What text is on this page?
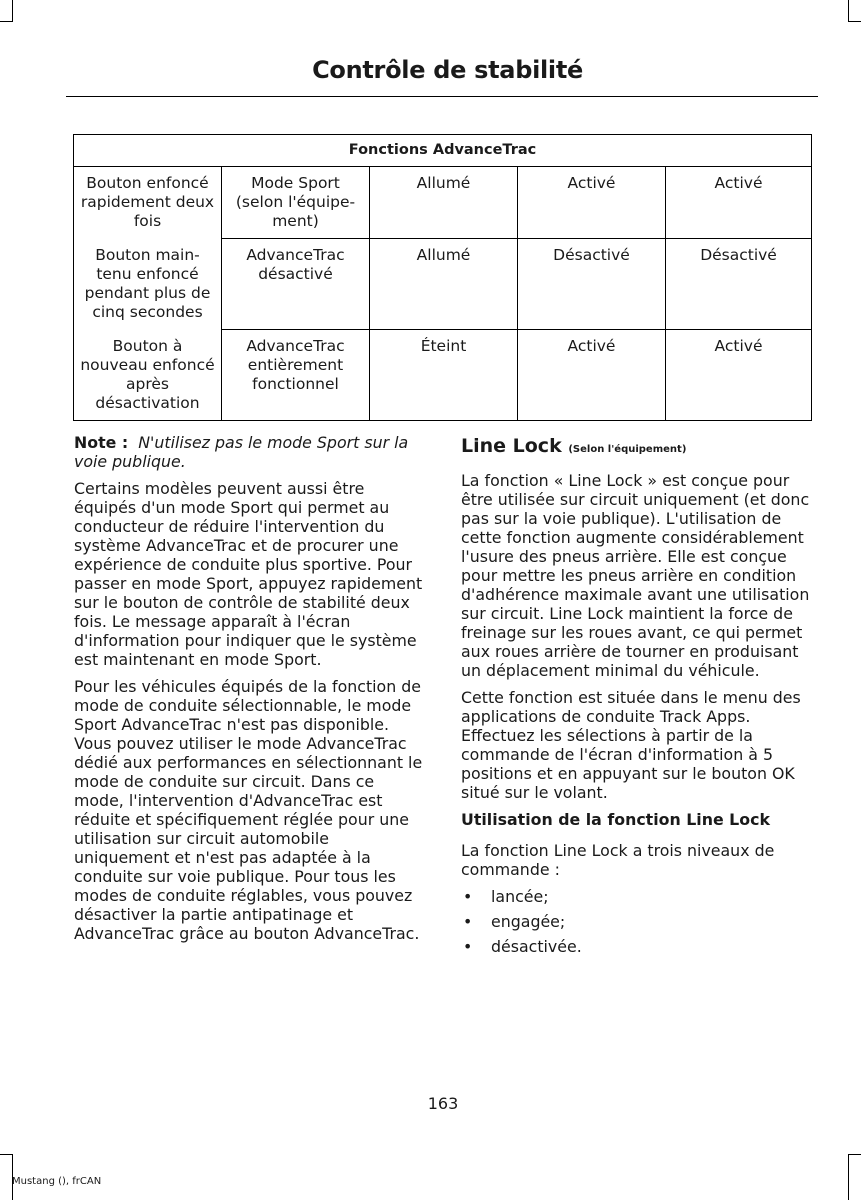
Contrôle de stabilité
Fonctions AdvanceTrac				
Bouton enfoncé rapidement deux fois	Mode Sport (selon l'équipe- ment)	Allumé	Activé	Activé
Bouton main- tenu enfoncé pendant plus de cinq secondes	AdvanceTrac désactivé	Allumé	Désactivé	Désactivé
Bouton à nouveau enfoncé après désactivation	AdvanceTrac entièrement fonctionnel	Éteint	Activé	Activé

Note : N'utilisez pas le mode Sport sur la voie publique.

Certains modèles peuvent aussi être équipés d'un mode Sport qui permet au conducteur de réduire l'intervention du système AdvanceTrac et de procurer une expérience de conduite plus sportive. Pour passer en mode Sport, appuyez rapidement sur le bouton de contrôle de stabilité deux fois. Le message apparaît à l'écran d'information pour indiquer que le système est maintenant en mode Sport.

Pour les véhicules équipés de la fonction de mode de conduite sélectionnable, le mode Sport AdvanceTrac n'est pas disponible. Vous pouvez utiliser le mode AdvanceTrac dédié aux performances en sélectionnant le mode de conduite sur circuit. Dans ce mode, l'intervention d'AdvanceTrac est réduite et spécifiquement réglée pour une utilisation sur circuit automobile uniquement et n'est pas adaptée à la conduite sur voie publique. Pour tous les modes de conduite réglables, vous pouvez désactiver la partie antipatinage et AdvanceTrac grâce au bouton AdvanceTrac.

Line Lock (Selon l'équipement)

La fonction « Line Lock » est conçue pour être utilisée sur circuit uniquement (et donc pas sur la voie publique). L'utilisation de cette fonction augmente considérablement l'usure des pneus arrière. Elle est conçue pour mettre les pneus arrière en condition d'adhérence maximale avant une utilisation sur circuit. Line Lock maintient la force de freinage sur les roues avant, ce qui permet aux roues arrière de tourner en produisant un déplacement minimal du véhicule.

Cette fonction est située dans le menu des applications de conduite Track Apps. Effectuez les sélections à partir de la commande de l'écran d'information à 5 positions et en appuyant sur le bouton OK situé sur le volant.

Utilisation de la fonction Line Lock

La fonction Line Lock a trois niveaux de commande :

• lancée;
• engagée;
• désactivée.
163
Mustang (), frCAN
